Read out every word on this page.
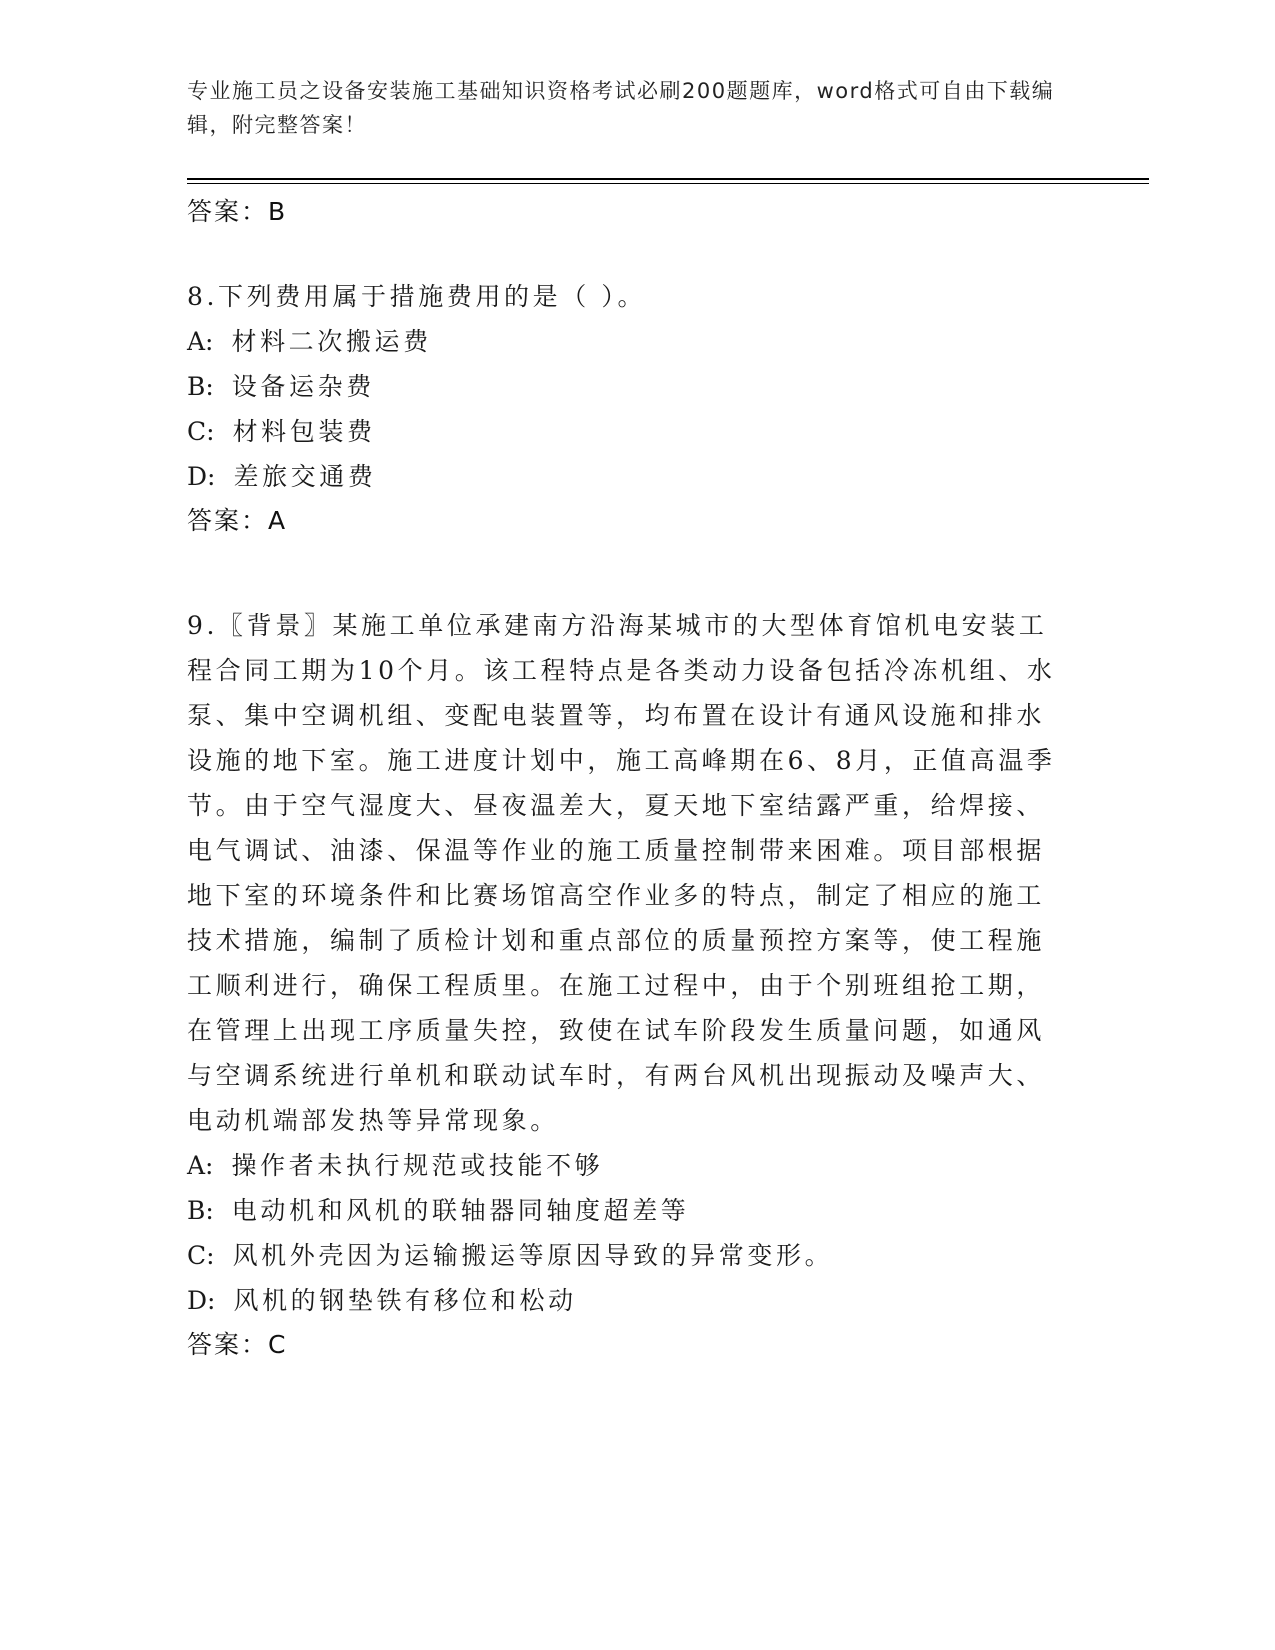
专业施工员之设备安装施工基础知识资格考试必刷200题题库，word格式可自由下载编辑，附完整答案！
答案：B
8.下列费用属于措施费用的是（ ）。
A: 材料二次搬运费
B: 设备运杂费
C: 材料包装费
D: 差旅交通费
答案：A
9.〖背景〗某施工单位承建南方沿海某城市的大型体育馆机电安装工程合同工期为10个月。该工程特点是各类动力设备包括冷冻机组、水泵、集中空调机组、变配电装置等，均布置在设计有通风设施和排水设施的地下室。施工进度计划中，施工高峰期在6、8月，正值高温季节。由于空气湿度大、昼夜温差大，夏天地下室结露严重，给焊接、电气调试、油漆、保温等作业的施工质量控制带来困难。项目部根据地下室的环境条件和比赛场馆高空作业多的特点，制定了相应的施工技术措施，编制了质检计划和重点部位的质量预控方案等，使工程施工顺利进行，确保工程质里。在施工过程中，由于个别班组抢工期，在管理上出现工序质量失控，致使在试车阶段发生质量问题，如通风与空调系统进行单机和联动试车时，有两台风机出现振动及噪声大、电动机端部发热等异常现象。
A: 操作者未执行规范或技能不够
B: 电动机和风机的联轴器同轴度超差等
C: 风机外壳因为运输搬运等原因导致的异常变形。
D: 风机的钢垫铁有移位和松动
答案：C
